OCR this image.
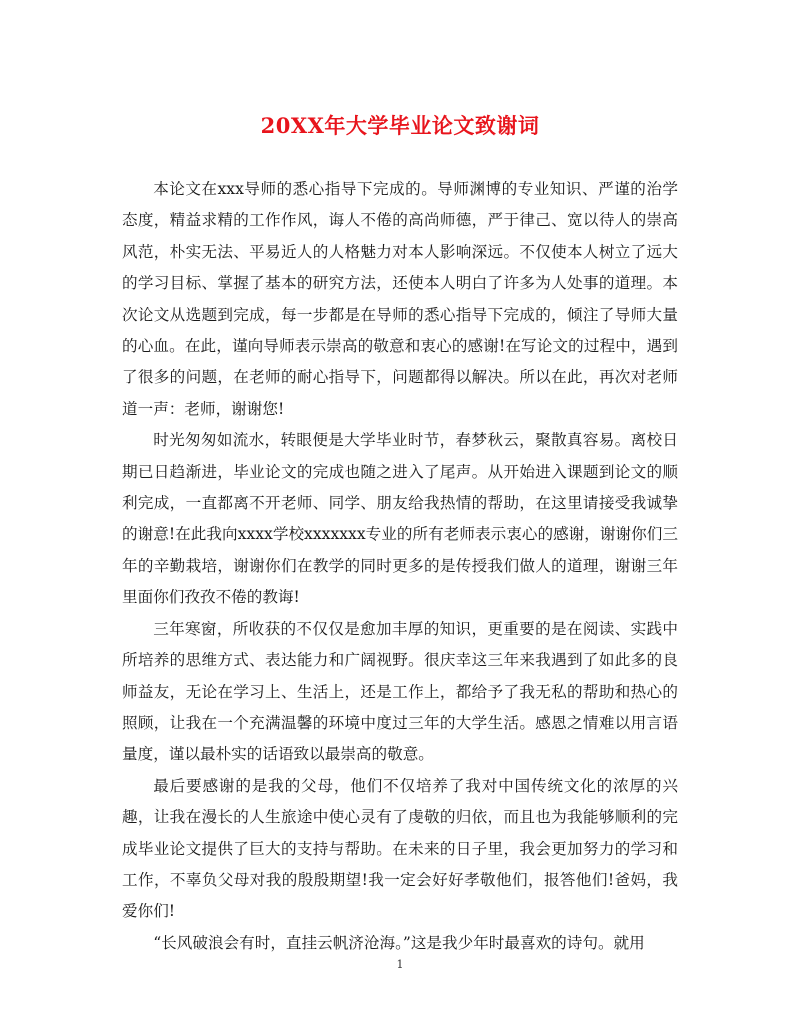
20XX年大学毕业论文致谢词

本论文在xxx导师的悉心指导下完成的。导师渊博的专业知识、严谨的治学态度，精益求精的工作作风，诲人不倦的高尚师德，严于律己、宽以待人的崇高风范，朴实无法、平易近人的人格魅力对本人影响深远。不仅使本人树立了远大的学习目标、掌握了基本的研究方法，还使本人明白了许多为人处事的道理。本次论文从选题到完成，每一步都是在导师的悉心指导下完成的，倾注了导师大量的心血。在此，谨向导师表示崇高的敬意和衷心的感谢!在写论文的过程中，遇到了很多的问题，在老师的耐心指导下，问题都得以解决。所以在此，再次对老师道一声：老师，谢谢您!

时光匆匆如流水，转眼便是大学毕业时节，春梦秋云，聚散真容易。离校日期已日趋渐进，毕业论文的完成也随之进入了尾声。从开始进入课题到论文的顺利完成，一直都离不开老师、同学、朋友给我热情的帮助，在这里请接受我诚挚的谢意!在此我向xxxx学校xxxxxxx专业的所有老师表示衷心的感谢，谢谢你们三年的辛勤栽培，谢谢你们在教学的同时更多的是传授我们做人的道理，谢谢三年里面你们孜孜不倦的教诲!

三年寒窗，所收获的不仅仅是愈加丰厚的知识，更重要的是在阅读、实践中所培养的思维方式、表达能力和广阔视野。很庆幸这三年来我遇到了如此多的良师益友，无论在学习上、生活上，还是工作上，都给予了我无私的帮助和热心的照顾，让我在一个充满温馨的环境中度过三年的大学生活。感恩之情难以用言语量度，谨以最朴实的话语致以最崇高的敬意。

最后要感谢的是我的父母，他们不仅培养了我对中国传统文化的浓厚的兴趣，让我在漫长的人生旅途中使心灵有了虔敬的归依，而且也为我能够顺利的完成毕业论文提供了巨大的支持与帮助。在未来的日子里，我会更加努力的学习和工作，不辜负父母对我的殷殷期望!我一定会好好孝敬他们，报答他们!爸妈，我爱你们!

“长风破浪会有时，直挂云帆济沧海。”这是我少年时最喜欢的诗句。就用

1
